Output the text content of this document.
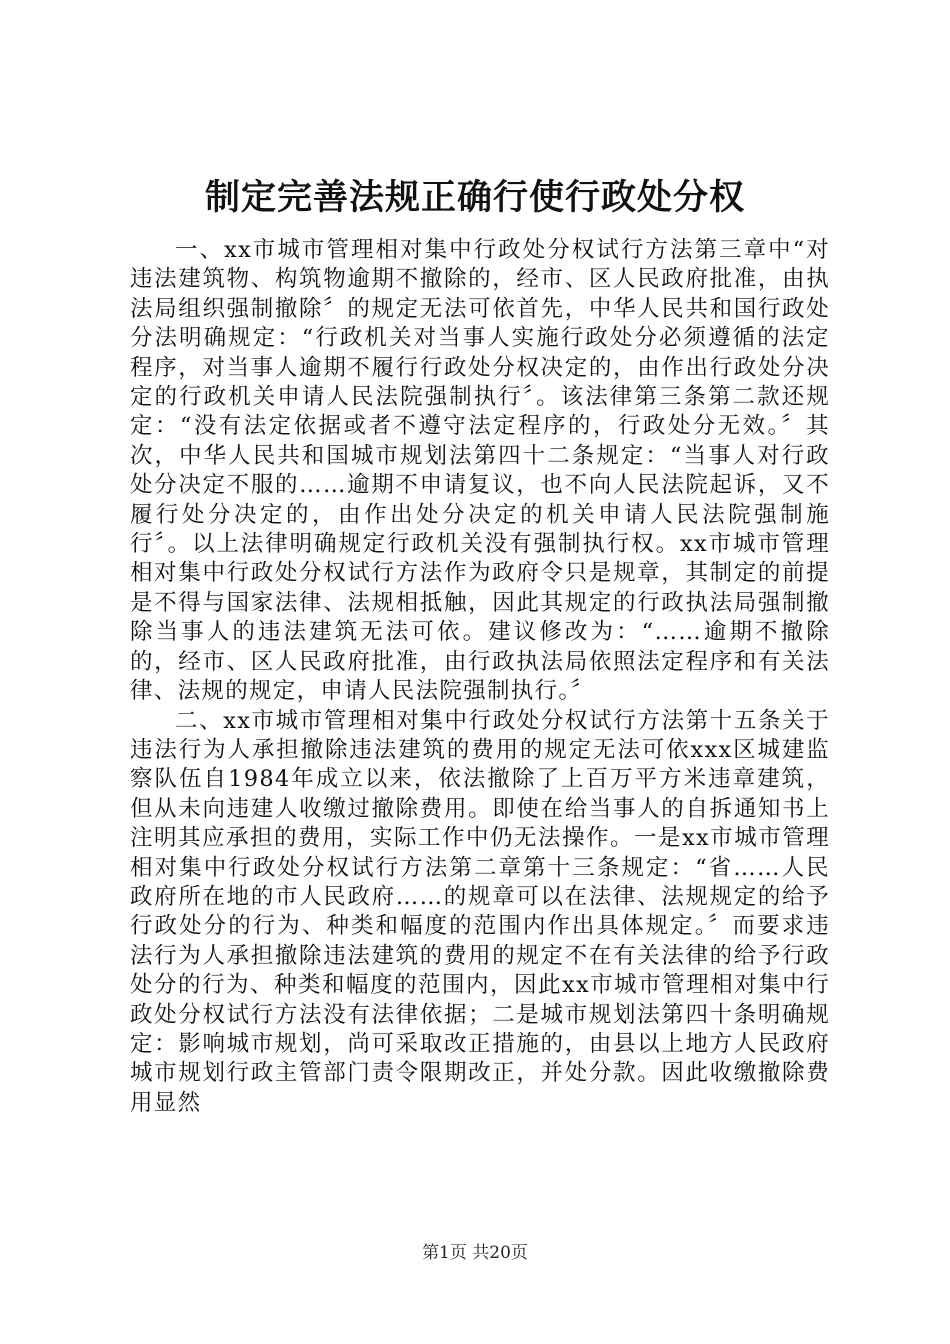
制定完善法规正确行使行政处分权

一、xx市城市管理相对集中行政处分权试行方法第三章中“对违法建筑物、构筑物逾期不撤除的，经市、区人民政府批准，由执法局组织强制撤除〞的规定无法可依首先，中华人民共和国行政处分法明确规定：“行政机关对当事人实施行政处分必须遵循的法定程序，对当事人逾期不履行行政处分权决定的，由作出行政处分决定的行政机关申请人民法院强制执行〞。该法律第三条第二款还规定：“没有法定依据或者不遵守法定程序的，行政处分无效。〞其次，中华人民共和国城市规划法第四十二条规定：“当事人对行政处分决定不服的……逾期不申请复议，也不向人民法院起诉，又不履行处分决定的，由作出处分决定的机关申请人民法院强制施行〞。以上法律明确规定行政机关没有强制执行权。xx市城市管理相对集中行政处分权试行方法作为政府令只是规章，其制定的前提是不得与国家法律、法规相抵触，因此其规定的行政执法局强制撤除当事人的违法建筑无法可依。建议修改为：“……逾期不撤除的，经市、区人民政府批准，由行政执法局依照法定程序和有关法律、法规的规定，申请人民法院强制执行。〞

二、xx市城市管理相对集中行政处分权试行方法第十五条关于违法行为人承担撤除违法建筑的费用的规定无法可依xxx区城建监察队伍自1984年成立以来，依法撤除了上百万平方米违章建筑，但从未向违建人收缴过撤除费用。即使在给当事人的自拆通知书上注明其应承担的费用，实际工作中仍无法操作。一是xx市城市管理相对集中行政处分权试行方法第二章第十三条规定：“省……人民政府所在地的市人民政府……的规章可以在法律、法规规定的给予行政处分的行为、种类和幅度的范围内作出具体规定。〞而要求违法行为人承担撤除违法建筑的费用的规定不在有关法律的给予行政处分的行为、种类和幅度的范围内，因此xx市城市管理相对集中行政处分权试行方法没有法律依据；二是城市规划法第四十条明确规定：影响城市规划，尚可采取改正措施的，由县以上地方人民政府城市规划行政主管部门责令限期改正，并处分款。因此收缴撤除费用显然

第1页 共20页
